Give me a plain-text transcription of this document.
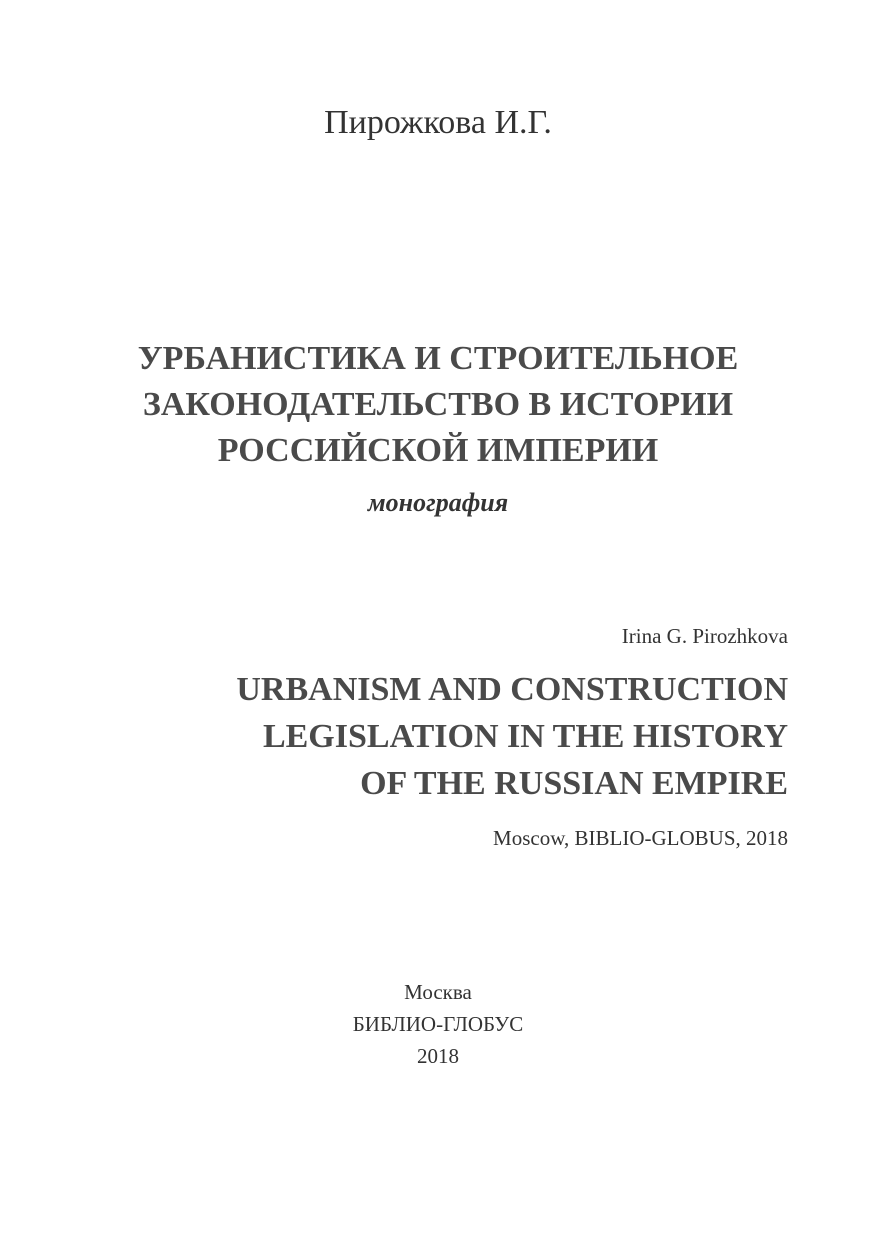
Пирожкова И.Г.
УРБАНИСТИКА И СТРОИТЕЛЬНОЕ
ЗАКОНОДАТЕЛЬСТВО В ИСТОРИИ
РОССИЙСКОЙ ИМПЕРИИ
монография
Irina G. Pirozhkova
URBANISM AND CONSTRUCTION
LEGISLATION IN THE HISTORY
OF THE RUSSIAN EMPIRE
Moscow, BIBLIO-GLOBUS, 2018
Москва
БИБЛИО-ГЛОБУС
2018
